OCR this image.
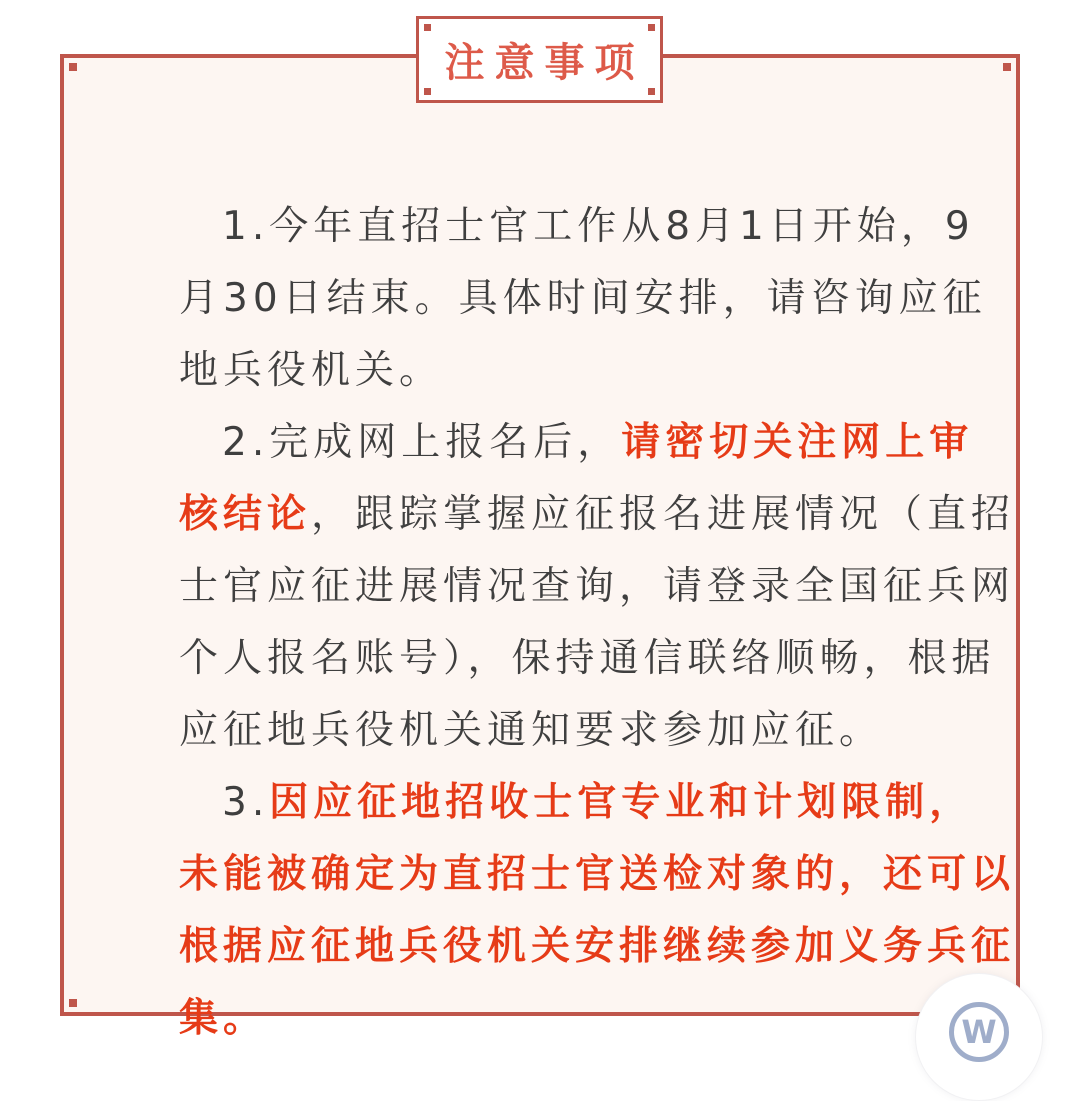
1.今年直招士官工作从8月1日开始，9
月30日结束。具体时间安排，请咨询应征
地兵役机关。
2.完成网上报名后，请密切关注网上审
核结论，跟踪掌握应征报名进展情况（直招
士官应征进展情况查询，请登录全国征兵网
个人报名账号），保持通信联络顺畅，根据
应征地兵役机关通知要求参加应征。
3.因应征地招收士官专业和计划限制，
未能被确定为直招士官送检对象的，还可以
根据应征地兵役机关安排继续参加义务兵征
集。
注意事项
W
